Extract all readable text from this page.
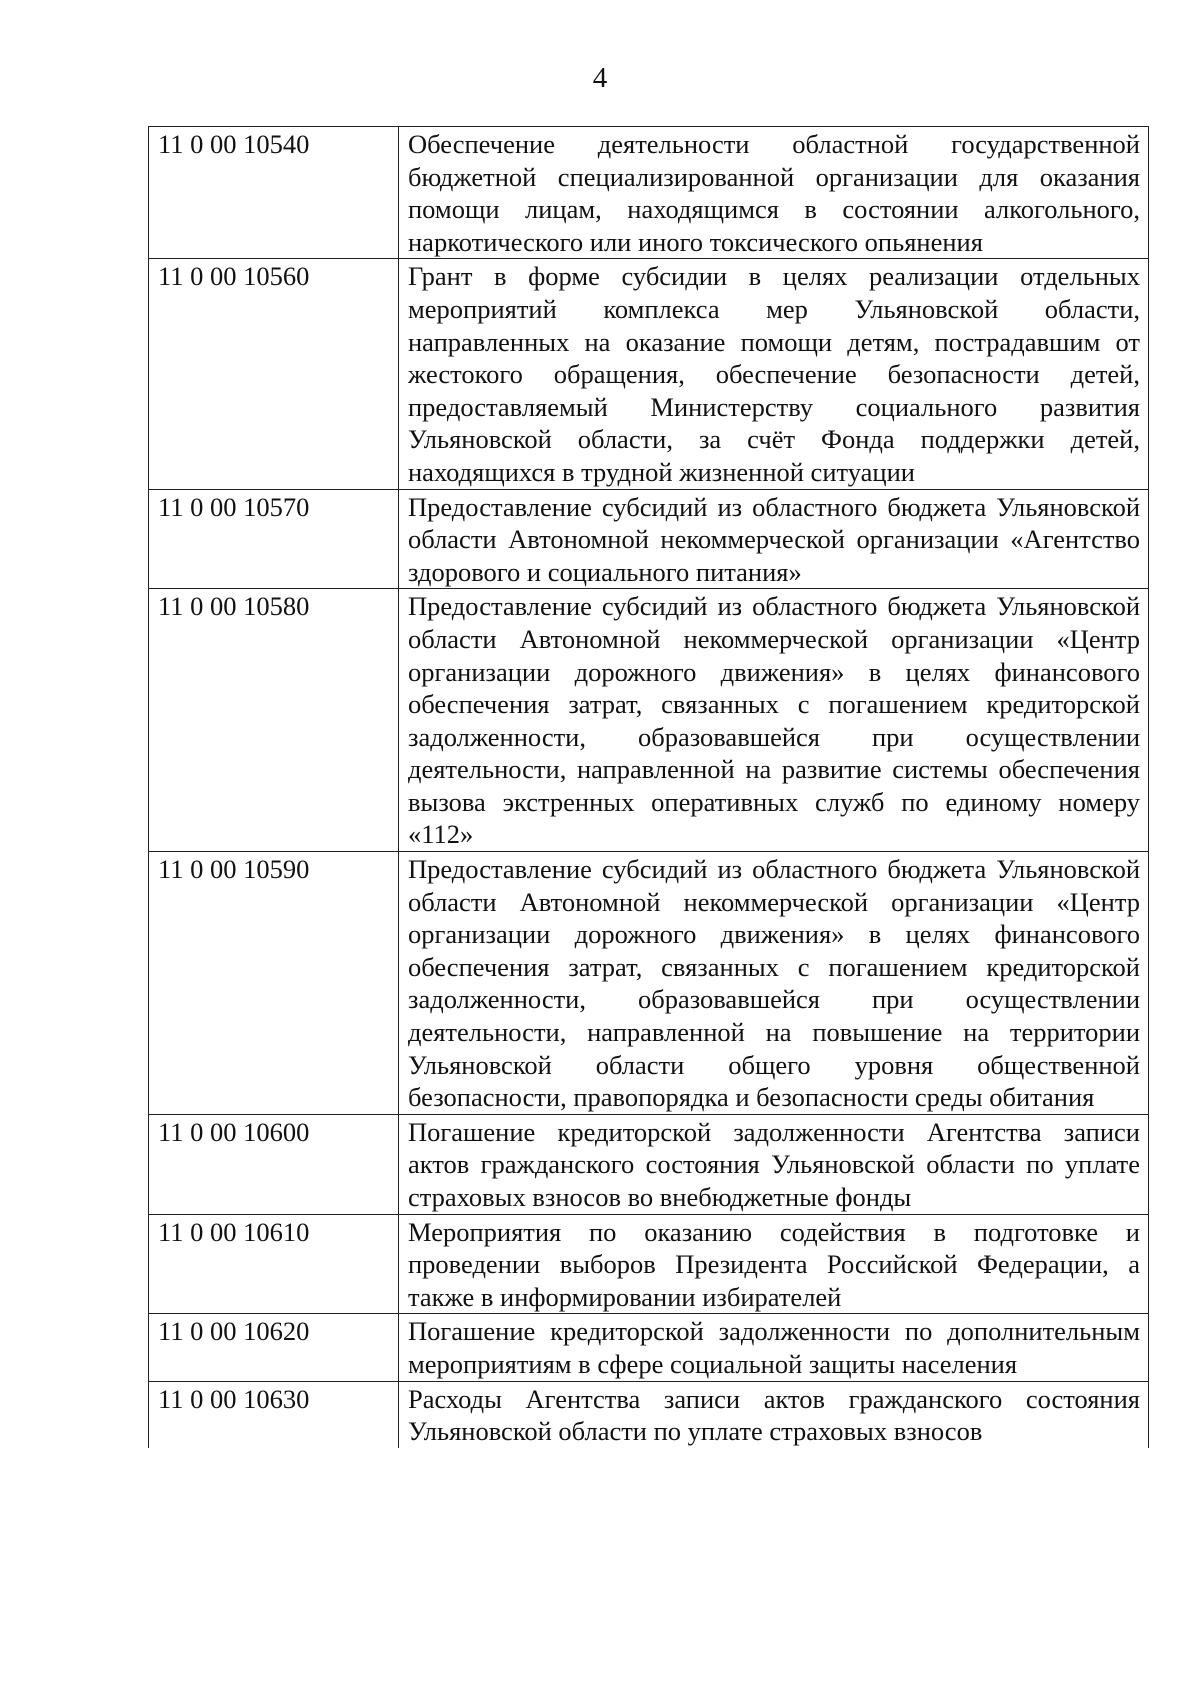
4
11 0 00 10540	Обеспечение деятельности областной государственной бюджетной специализированной организации для оказания помощи лицам, находящимся в состоянии алкогольного, наркотического или иного токсического опьянения
11 0 00 10560	Грант в форме субсидии в целях реализации отдельных мероприятий комплекса мер Ульяновской области, направленных на оказание помощи детям, пострадавшим от жестокого обращения, обеспечение безопасности детей, предоставляемый Министерству социального развития Ульяновской области, за счёт Фонда поддержки детей, находящихся в трудной жизненной ситуации
11 0 00 10570	Предоставление субсидий из областного бюджета Ульяновской области Автономной некоммерческой организации «Агентство здорового и социального питания»
11 0 00 10580	Предоставление субсидий из областного бюджета Ульяновской области Автономной некоммерческой организации «Центр организации дорожного движения» в целях финансового обеспечения затрат, связанных с погашением кредиторской задолженности, образовавшейся при осуществлении деятельности, направленной на развитие системы обеспечения вызова экстренных оперативных служб по единому номеру «112»
11 0 00 10590	Предоставление субсидий из областного бюджета Ульяновской области Автономной некоммерческой организации «Центр организации дорожного движения» в целях финансового обеспечения затрат, связанных с погашением кредиторской задолженности, образовавшейся при осуществлении деятельности, направленной на повышение на территории Ульяновской области общего уровня общественной безопасности, правопорядка и безопасности среды обитания
11 0 00 10600	Погашение кредиторской задолженности Агентства записи актов гражданского состояния Ульяновской области по уплате страховых взносов во внебюджетные фонды
11 0 00 10610	Мероприятия по оказанию содействия в подготовке и проведении выборов Президента Российской Федерации, а также в информировании избирателей
11 0 00 10620	Погашение кредиторской задолженности по дополнительным мероприятиям в сфере социальной защиты населения
11 0 00 10630	Расходы Агентства записи актов гражданского состояния Ульяновской области по уплате страховых взносов
